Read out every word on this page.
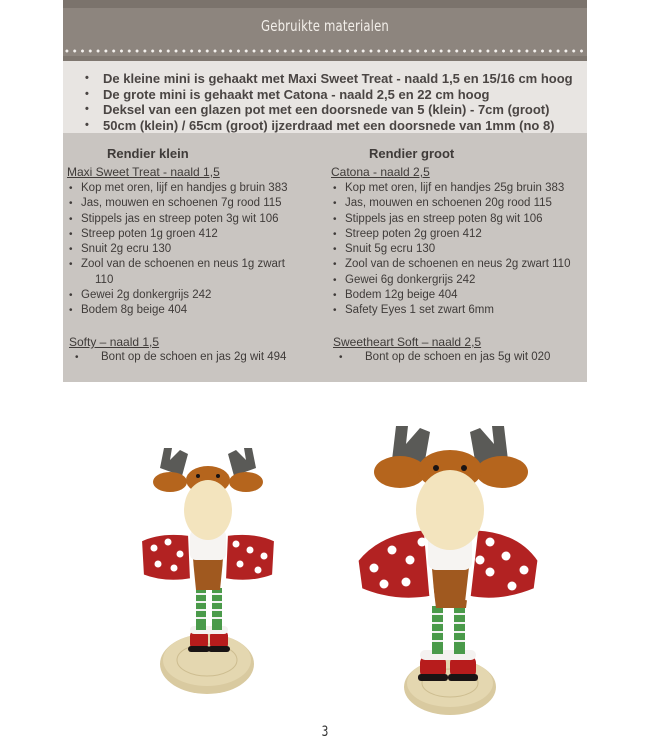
Gebruikte materialen
• De kleine mini is gehaakt met Maxi Sweet Treat - naald 1,5 en 15/16 cm hoog
• De grote mini is gehaakt met Catona - naald 2,5 en 22 cm hoog
• Deksel van een glazen pot met een doorsnede van 5 (klein) - 7cm (groot)
• 50cm (klein) / 65cm (groot) ijzerdraad met een doorsnede van 1mm (no 8)
Rendier klein
Maxi Sweet Treat - naald 1,5
• Kop met oren, lijf en handjes g bruin 383
• Jas, mouwen en schoenen 7g rood 115
• Stippels jas en streep poten 3g wit 106
• Streep poten 1g groen 412
• Snuit 2g ecru 130
• Zool van de schoenen en neus 1g zwart
110
• Gewei 2g donkergrijs 242
• Bodem 8g beige 404
Softy – naald 1,5
• Bont op de schoen en jas 2g wit 494
Rendier groot
Catona - naald 2,5
• Kop met oren, lijf en handjes 25g bruin 383
• Jas, mouwen en schoenen 20g rood 115
• Stippels jas en streep poten 8g wit 106
• Streep poten 2g groen 412
• Snuit 5g ecru 130
• Zool van de schoenen en neus 2g zwart 110
• Gewei 6g donkergrijs 242
• Bodem 12g beige 404
• Safety Eyes 1 set zwart 6mm
Sweetheart Soft – naald 2,5
• Bont op de schoen en jas 5g wit 020
3
